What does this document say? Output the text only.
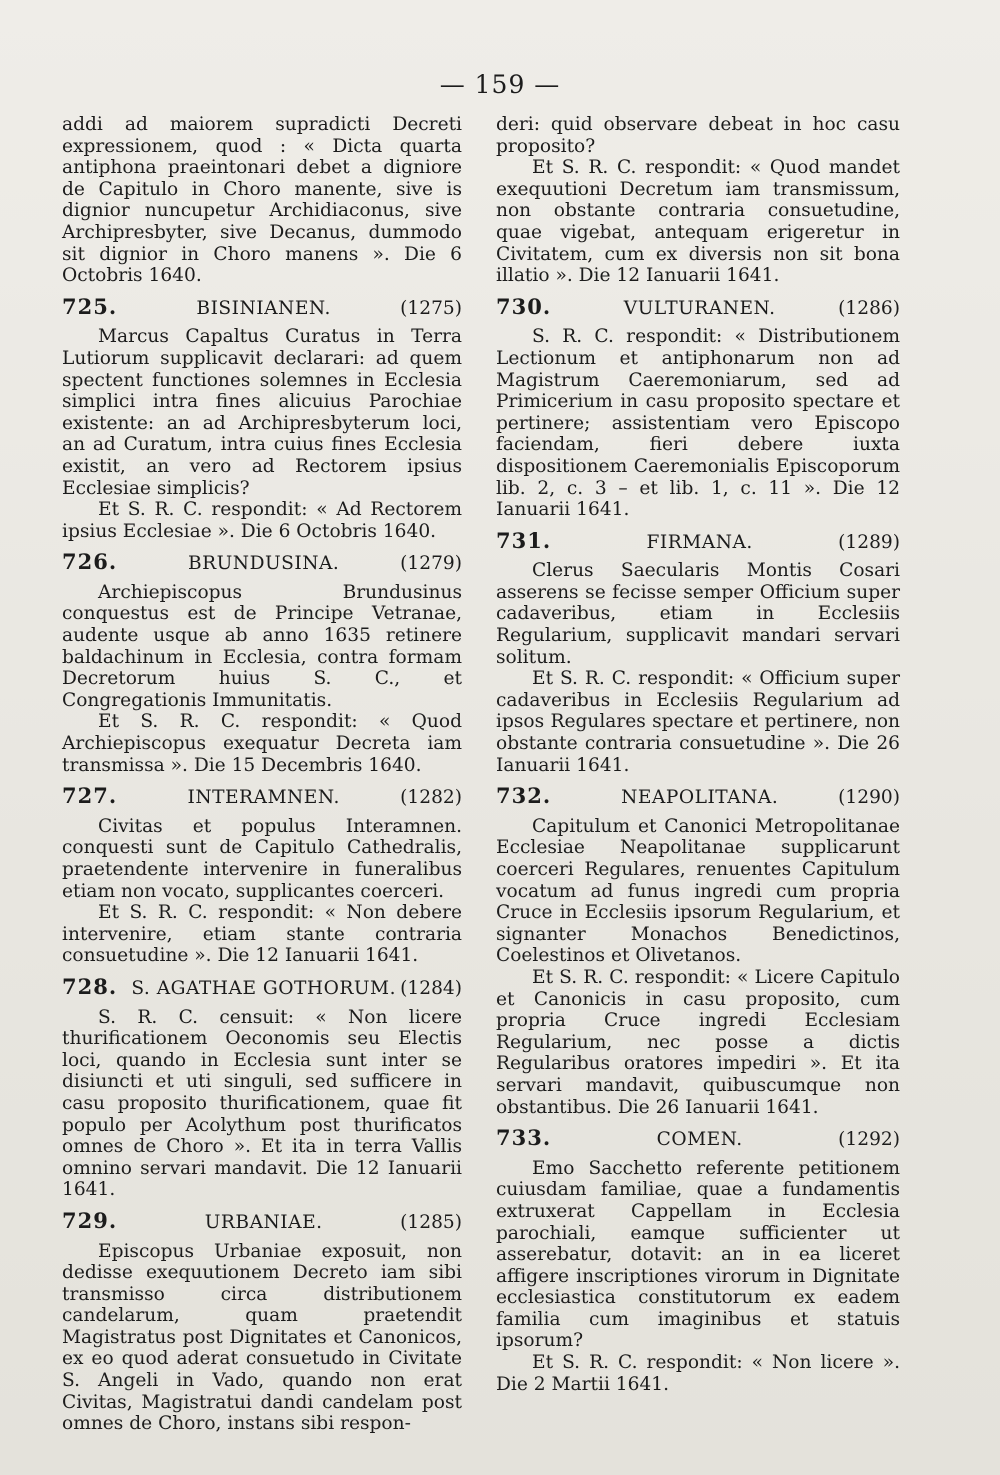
— 159 —

addi ad maiorem supradicti Decreti expressionem, quod : « Dicta quarta antiphona praeintonari debet a digniore de Capitulo in Choro manente, sive is dignior nuncupetur Archidiaconus, sive Archipresbyter, sive Decanus, dummodo sit dignior in Choro manens ». Die 6 Octobris 1640.

725.	BISINIANEN.	(1275)

Marcus Capaltus Curatus in Terra Lutiorum supplicavit declarari: ad quem spectent functiones solemnes in Ecclesia simplici intra fines alicuius Parochiae existente: an ad Archipresbyterum loci, an ad Curatum, intra cuius fines Ecclesia existit, an vero ad Rectorem ipsius Ecclesiae simplicis?

Et S. R. C. respondit: « Ad Rectorem ipsius Ecclesiae ». Die 6 Octobris 1640.

726.	BRUNDUSINA.	(1279)

Archiepiscopus Brundusinus conquestus est de Principe Vetranae, audente usque ab anno 1635 retinere baldachinum in Ecclesia, contra formam Decretorum huius S. C., et Congregationis Immunitatis.

Et S. R. C. respondit: « Quod Archiepiscopus exequatur Decreta iam transmissa ». Die 15 Decembris 1640.

727.	INTERAMNEN.	(1282)

Civitas et populus Interamnen. conquesti sunt de Capitulo Cathedralis, praetendente intervenire in funeralibus etiam non vocato, supplicantes coerceri.

Et S. R. C. respondit: « Non debere intervenire, etiam stante contraria consuetudine ». Die 12 Ianuarii 1641.

728. S. AGATHAE GOTHORUM. (1284)

S. R. C. censuit: « Non licere thurificationem Oeconomis seu Electis loci, quando in Ecclesia sunt inter se disiuncti et uti singuli, sed sufficere in casu proposito thurificationem, quae fit populo per Acolythum post thurificatos omnes de Choro ». Et ita in terra Vallis omnino servari mandavit. Die 12 Ianuarii 1641.

729.	URBANIAE.	(1285)

Episcopus Urbaniae exposuit, non dedisse exequutionem Decreto iam sibi transmisso circa distributionem candelarum, quam praetendit Magistratus post Dignitates et Canonicos, ex eo quod aderat consuetudo in Civitate S. Angeli in Vado, quando non erat Civitas, Magistratui dandi candelam post omnes de Choro, instans sibi respon-

deri: quid observare debeat in hoc casu proposito?

Et S. R. C. respondit: « Quod mandet exequutioni Decretum iam transmissum, non obstante contraria consuetudine, quae vigebat, antequam erigeretur in Civitatem, cum ex diversis non sit bona illatio ». Die 12 Ianuarii 1641.

730.	VULTURANEN.	(1286)

S. R. C. respondit: « Distributionem Lectionum et antiphonarum non ad Magistrum Caeremoniarum, sed ad Primicerium in casu proposito spectare et pertinere; assistentiam vero Episcopo faciendam, fieri debere iuxta dispositionem Caeremonialis Episcoporum lib. 2, c. 3 – et lib. 1, c. 11 ». Die 12 Ianuarii 1641.

731.	FIRMANA.	(1289)

Clerus Saecularis Montis Cosari asserens se fecisse semper Officium super cadaveribus, etiam in Ecclesiis Regularium, supplicavit mandari servari solitum.

Et S. R. C. respondit: « Officium super cadaveribus in Ecclesiis Regularium ad ipsos Regulares spectare et pertinere, non obstante contraria consuetudine ». Die 26 Ianuarii 1641.

732.	NEAPOLITANA.	(1290)

Capitulum et Canonici Metropolitanae Ecclesiae Neapolitanae supplicarunt coerceri Regulares, renuentes Capitulum vocatum ad funus ingredi cum propria Cruce in Ecclesiis ipsorum Regularium, et signanter Monachos Benedictinos, Coelestinos et Olivetanos.

Et S. R. C. respondit: « Licere Capitulo et Canonicis in casu proposito, cum propria Cruce ingredi Ecclesiam Regularium, nec posse a dictis Regularibus oratores impediri ». Et ita servari mandavit, quibuscumque non obstantibus. Die 26 Ianuarii 1641.

733.	COMEN.	(1292)

Emo Sacchetto referente petitionem cuiusdam familiae, quae a fundamentis extruxerat Cappellam in Ecclesia parochiali, eamque sufficienter ut asserebatur, dotavit: an in ea liceret affigere inscriptiones virorum in Dignitate ecclesiastica constitutorum ex eadem familia cum imaginibus et statuis ipsorum?

Et S. R. C. respondit: « Non licere ». Die 2 Martii 1641.
